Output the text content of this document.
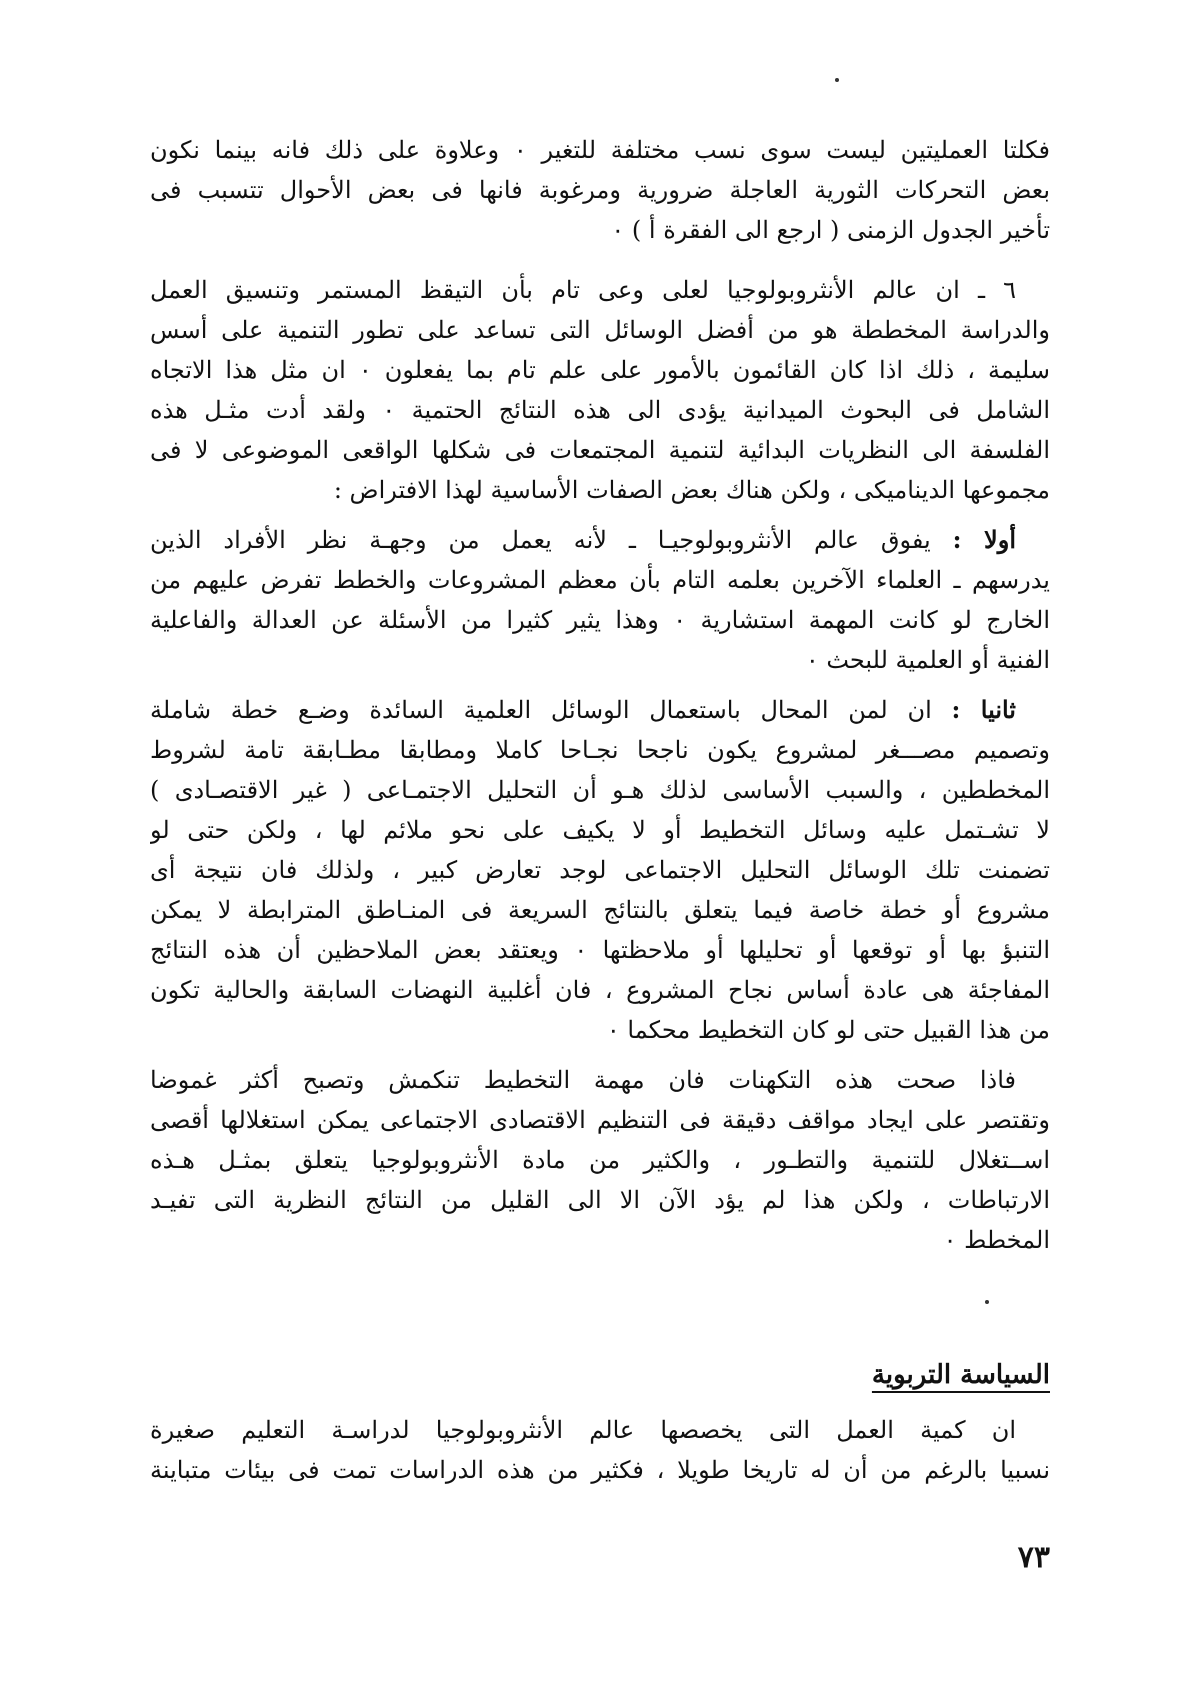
فكلتا العمليتين ليست سوى نسب مختلفة للتغير ٠ وعلاوة على ذلك فانه بينما نكون
بعض التحركات الثورية العاجلة ضرورية ومرغوبة فانها فى بعض الأحوال تتسبب فى
تأخير الجدول الزمنى ( ارجع الى الفقرة أ ) ٠
٦ ـ ان عالم الأنثروبولوجيا لعلى وعى تام بأن التيقظ المستمر وتنسيق العمل
والدراسة المخططة هو من أفضل الوسائل التى تساعد على تطور التنمية على أسس
سليمة ، ذلك اذا كان القائمون بالأمور على علم تام بما يفعلون ٠ ان مثل هذا الاتجاه
الشامل فى البحوث الميدانية يؤدى الى هذه النتائج الحتمية ٠ ولقد أدت مثـل هذه
الفلسفة الى النظريات البدائية لتنمية المجتمعات فى شكلها الواقعى الموضوعى لا فى
مجموعها الديناميكى ، ولكن هناك بعض الصفات الأساسية لهذا الافتراض :
أولا : يفوق عالم الأنثروبولوجيـا ـ لأنه يعمل من وجهـة نظر الأفراد الذين
يدرسهم ـ العلماء الآخرين بعلمه التام بأن معظم المشروعات والخطط تفرض عليهم من
الخارج لو كانت المهمة استشارية ٠ وهذا يثير كثيرا من الأسئلة عن العدالة والفاعلية
الفنية أو العلمية للبحث ٠
ثانيا : ان لمن المحال باستعمال الوسائل العلمية السائدة وضـع خطة شاملة
وتصميم مصـــغر لمشروع يكون ناجحا نجـاحا كاملا ومطابقا مطـابقة تامة لشروط
المخططين ، والسبب الأساسى لذلك هـو أن التحليل الاجتمـاعى ( غير الاقتصـادى )
لا تشـتمل عليه وسائل التخطيط أو لا يكيف على نحو ملائم لها ، ولكن حتى لو
تضمنت تلك الوسائل التحليل الاجتماعى لوجد تعارض كبير ، ولذلك فان نتيجة أى
مشروع أو خطة خاصة فيما يتعلق بالنتائج السريعة فى المنـاطق المترابطة لا يمكن
التنبؤ بها أو توقعها أو تحليلها أو ملاحظتها ٠ ويعتقد بعض الملاحظين أن هذه النتائج
المفاجئة هى عادة أساس نجاح المشروع ، فان أغلبية النهضات السابقة والحالية تكون
من هذا القبيل حتى لو كان التخطيط محكما ٠
فاذا صحت هذه التكهنات فان مهمة التخطيط تنكمش وتصبح أكثر غموضا
وتقتصر على ايجاد مواقف دقيقة فى التنظيم الاقتصادى الاجتماعى يمكن استغلالها أقصى
اســتغلال للتنمية والتطـور ، والكثير من مادة الأنثروبولوجيا يتعلق بمثـل هـذه
الارتباطات ، ولكن هذا لم يؤد الآن الا الى القليل من النتائج النظرية التى تفيـد
المخطط ٠
السياسة التربوية
ان كمية العمل التى يخصصها عالم الأنثروبولوجيا لدراسـة التعليم صغيرة
نسبيا بالرغم من أن له تاريخا طويلا ، فكثير من هذه الدراسات تمت فى بيئات متباينة
٧٣
